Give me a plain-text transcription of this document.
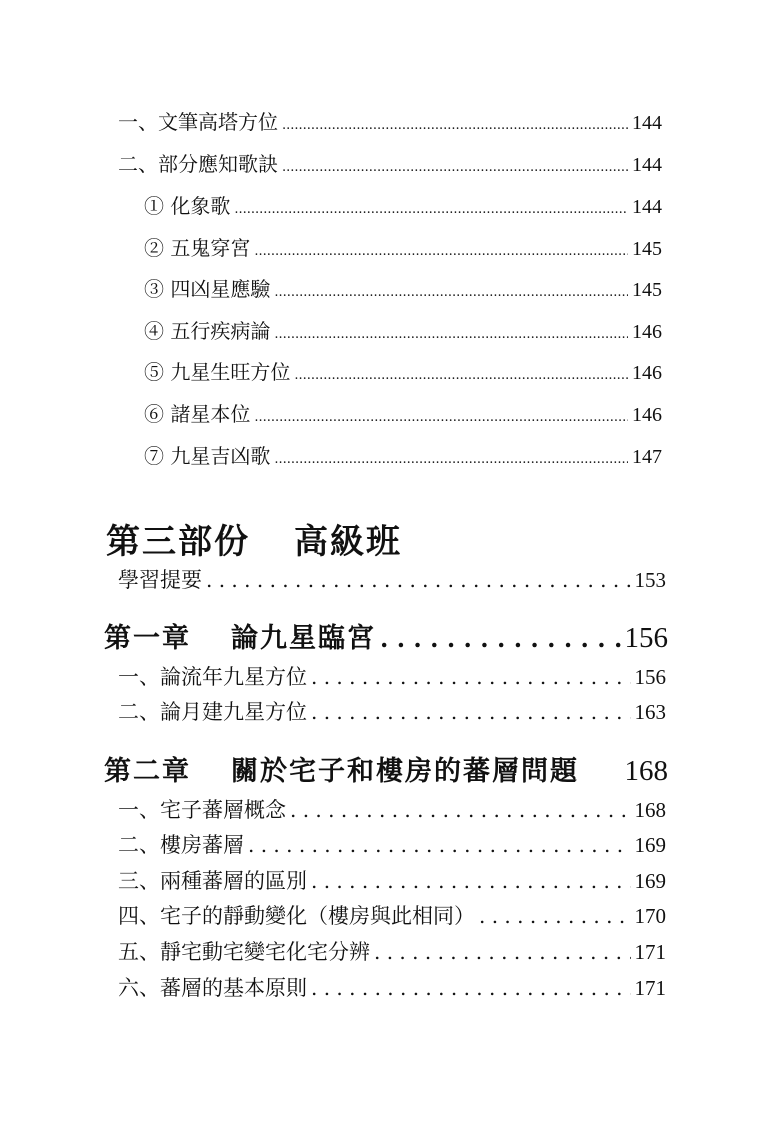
一、文筆高塔方位 .....	144
二、部分應知歌訣 .....	144
① 化象歌 .....	144
② 五鬼穿宮 .....	145
③ 四凶星應驗 .....	145
④ 五行疾病論 .....	146
⑤ 九星生旺方位 .....	146
⑥ 諸星本位 .....	146
⑦ 九星吉凶歌 .....	147
第三部份 高級班
學習提要 . . .	153
第一章 論九星臨宮 . . .	156
一、論流年九星方位 . . .	156
二、論月建九星方位 . . .	163
第二章 關於宅子和樓房的蕃層問題 168
一、宅子蕃層概念 . . .	168
二、樓房蕃層 . . .	169
三、兩種蕃層的區別 . . .	169
四、宅子的靜動變化（樓房與此相同） . . .	170
五、靜宅動宅變宅化宅分辨 . . .	171
六、蕃層的基本原則 . . .	171
